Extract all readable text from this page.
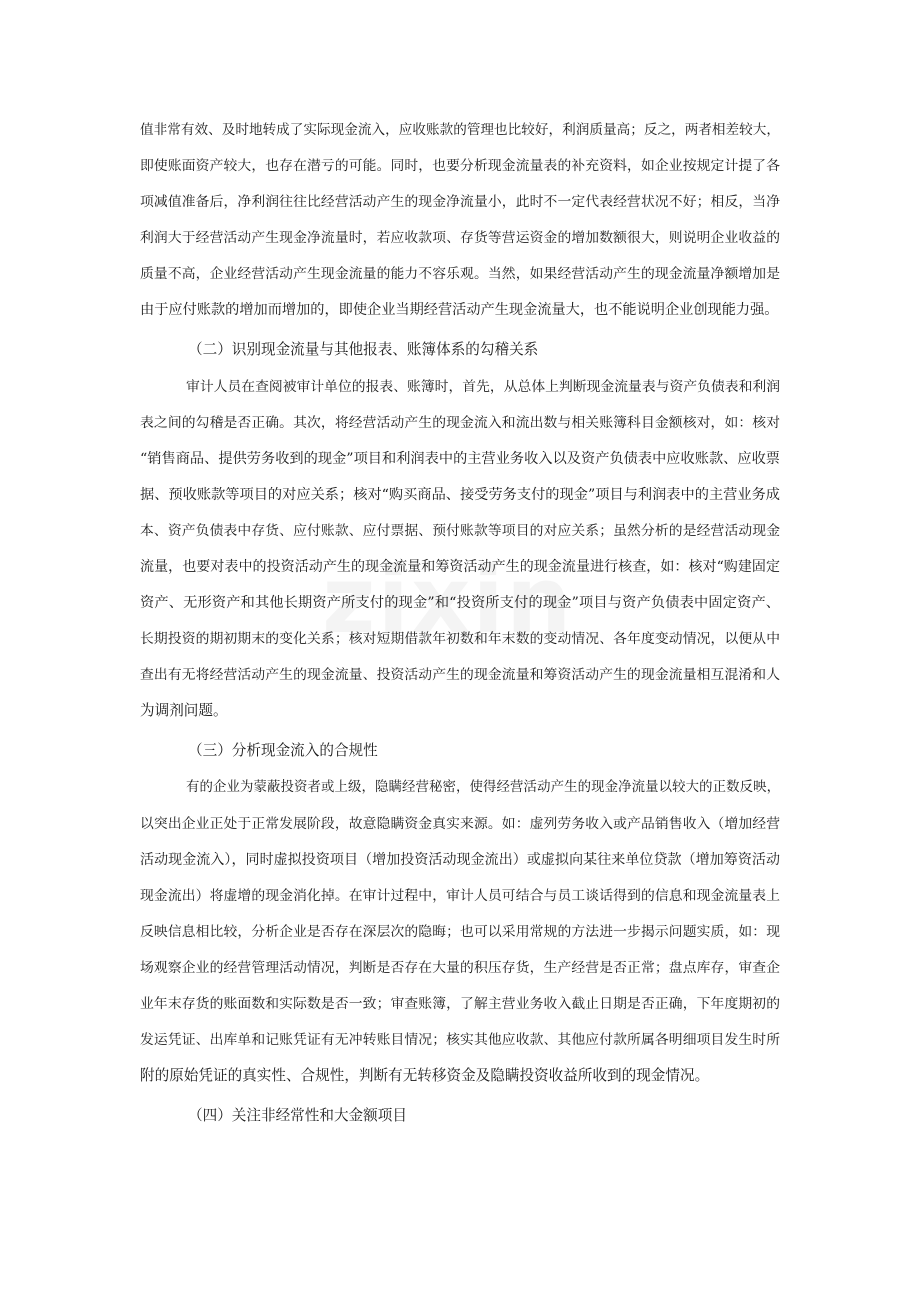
值非常有效、及时地转成了实际现金流入，应收账款的管理也比较好，利润质量高；反之，两者相差较大，
即使账面资产较大，也存在潜亏的可能。同时，也要分析现金流量表的补充资料，如企业按规定计提了各
项减值准备后，净利润往往比经营活动产生的现金净流量小，此时不一定代表经营状况不好；相反，当净
利润大于经营活动产生现金净流量时，若应收款项、存货等营运资金的增加数额很大，则说明企业收益的
质量不高，企业经营活动产生现金流量的能力不容乐观。当然，如果经营活动产生的现金流量净额增加是
由于应付账款的增加而增加的，即使企业当期经营活动产生现金流量大，也不能说明企业创现能力强。
（二）识别现金流量与其他报表、账簿体系的勾稽关系
审计人员在查阅被审计单位的报表、账簿时，首先，从总体上判断现金流量表与资产负债表和利润
表之间的勾稽是否正确。其次，将经营活动产生的现金流入和流出数与相关账簿科目金额核对，如：核对
“销售商品、提供劳务收到的现金”项目和利润表中的主营业务收入以及资产负债表中应收账款、应收票
据、预收账款等项目的对应关系；核对“购买商品、接受劳务支付的现金”项目与利润表中的主营业务成
本、资产负债表中存货、应付账款、应付票据、预付账款等项目的对应关系；虽然分析的是经营活动现金
流量，也要对表中的投资活动产生的现金流量和筹资活动产生的现金流量进行核查，如：核对“购建固定
资产、无形资产和其他长期资产所支付的现金”和“投资所支付的现金”项目与资产负债表中固定资产、
长期投资的期初期末的变化关系；核对短期借款年初数和年末数的变动情况、各年度变动情况，以便从中
查出有无将经营活动产生的现金流量、投资活动产生的现金流量和筹资活动产生的现金流量相互混淆和人
为调剂问题。
（三）分析现金流入的合规性
有的企业为蒙蔽投资者或上级，隐瞒经营秘密，使得经营活动产生的现金净流量以较大的正数反映，
以突出企业正处于正常发展阶段，故意隐瞒资金真实来源。如：虚列劳务收入或产品销售收入（增加经营
活动现金流入），同时虚拟投资项目（增加投资活动现金流出）或虚拟向某往来单位贷款（增加筹资活动
现金流出）将虚增的现金消化掉。在审计过程中，审计人员可结合与员工谈话得到的信息和现金流量表上
反映信息相比较，分析企业是否存在深层次的隐晦；也可以采用常规的方法进一步揭示问题实质，如：现
场观察企业的经营管理活动情况，判断是否存在大量的积压存货，生产经营是否正常；盘点库存，审查企
业年末存货的账面数和实际数是否一致；审查账簿，了解主营业务收入截止日期是否正确，下年度期初的
发运凭证、出库单和记账凭证有无冲转账目情况；核实其他应收款、其他应付款所属各明细项目发生时所
附的原始凭证的真实性、合规性，判断有无转移资金及隐瞒投资收益所收到的现金情况。
（四）关注非经常性和大金额项目
